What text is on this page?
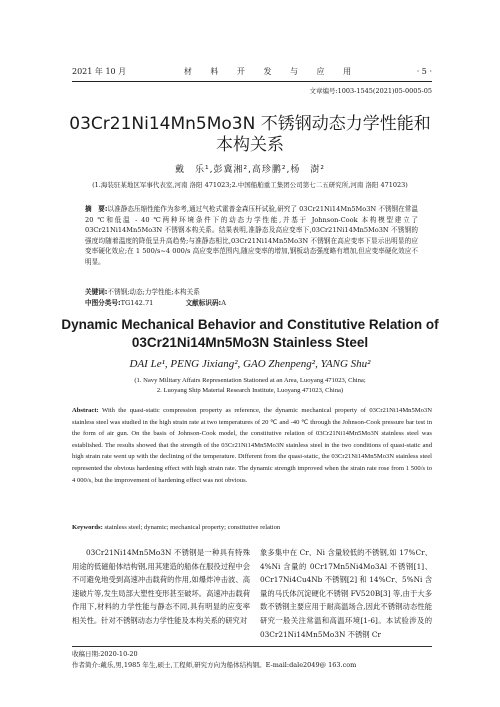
2021 年 10 月	材 料 开 发 与 应 用	· 5 ·
文章编号:1003-1545(2021)05-0005-05
03Cr21Ni14Mn5Mo3N 不锈钢动态力学性能和
本构关系
戴　乐¹,彭冀湘²,高珍鹏²,杨　澍²
(1.海装驻某地区军事代表室,河南 洛阳 471023;2.中国船舶重工集团公司第七二五研究所,河南 洛阳 471023)
摘　要:以准静态压缩性能作为参考,通过气枪式霍普金森压杆试验,研究了 03Cr21Ni14Mn5Mo3N 不锈钢在常温 20 ℃和低温 - 40 ℃两种环境条件下的动态力学性能,并基于 Johnson-Cook 本构模型建立了 03Cr21Ni14Mn5Mo3N 不锈钢本构关系。结果表明,准静态及高应变率下,03Cr21Ni14Mn5Mo3N 不锈钢的强度均随着温度的降低呈升高趋势;与准静态相比,03Cr21Ni14Mn5Mo3N 不锈钢在高应变率下显示出明显的应变率硬化效应;在 1 500/s~4 000/s 高应变率范围内,随应变率的增加,钢板动态强度略有增加,但应变率硬化效应不明显。
关键词:不锈钢;动态;力学性能;本构关系
中图分类号:TG142.71	文献标识码:A
Dynamic Mechanical Behavior and Constitutive Relation of
03Cr21Ni14Mn5Mo3N Stainless Steel
DAI Le¹, PENG Jixiang², GAO Zhenpeng², YANG Shu²
(1. Navy Military Affairs Representation Stationed at an Area, Luoyang 471023, China;
2. Luoyang Ship Material Research Institute, Luoyang 471023, China)
Abstract: With the quasi-static compression property as reference, the dynamic mechanical property of 03Cr21Ni14Mn5Mo3N stainless steel was studied in the high strain rate at two temperatures of 20 ℃ and -40 ℃ through the Johnson-Cook pressure bar test in the form of air gun. On the basis of Johnson-Cook model, the constitutive relation of 03Cr21Ni14Mn5Mo3N stainless steel was established. The results showed that the strength of the 03Cr21Ni14Mn5Mo3N stainless steel in the two conditions of quasi-static and high strain rate went up with the declining of the temperature. Different from the quasi-static, the 03Cr21Ni14Mn5Mo3N stainless steel represented the obvious hardening effect with high strain rate. The dynamic strength improved when the strain rate rose from 1 500/s to 4 000/s, but the improvement of hardening effect was not obvious.
Keywords: stainless steel; dynamic; mechanical property; constitutive relation
03Cr21Ni14Mn5Mo3N 不锈钢是一种具有特殊用途的低磁船体结构钢,用其建造的船体在服役过程中会不可避免地受到高速冲击载荷的作用,如爆炸冲击波、高速破片等,发生局部大塑性变形甚至破坏。高速冲击载荷作用下,材料的力学性能与静态不同,具有明显的应变率相关性。针对不锈钢动态力学性能及本构关系的研究对
象多集中在 Cr、Ni 含量较低的不锈钢,如 17%Cr、4%Ni 含量的 0Cr17Mn5Ni4Mo3Al 不锈钢[1]、0Cr17Ni4Cu4Nb 不锈钢[2] 和 14%Cr、5%Ni 含量的马氏体沉淀硬化不锈钢 FV520B[3] 等,由于大多数不锈钢主要应用于耐高温场合,因此不锈钢动态性能研究一般关注常温和高温环境[1-6]。本试验涉及的 03Cr21Ni14Mn5Mo3N 不锈钢 Cr
收稿日期:2020-10-20
作者简介:戴乐,男,1985 年生,硕士,工程师,研究方向为船体结构钢。E-mail:dale2049@ 163.com
